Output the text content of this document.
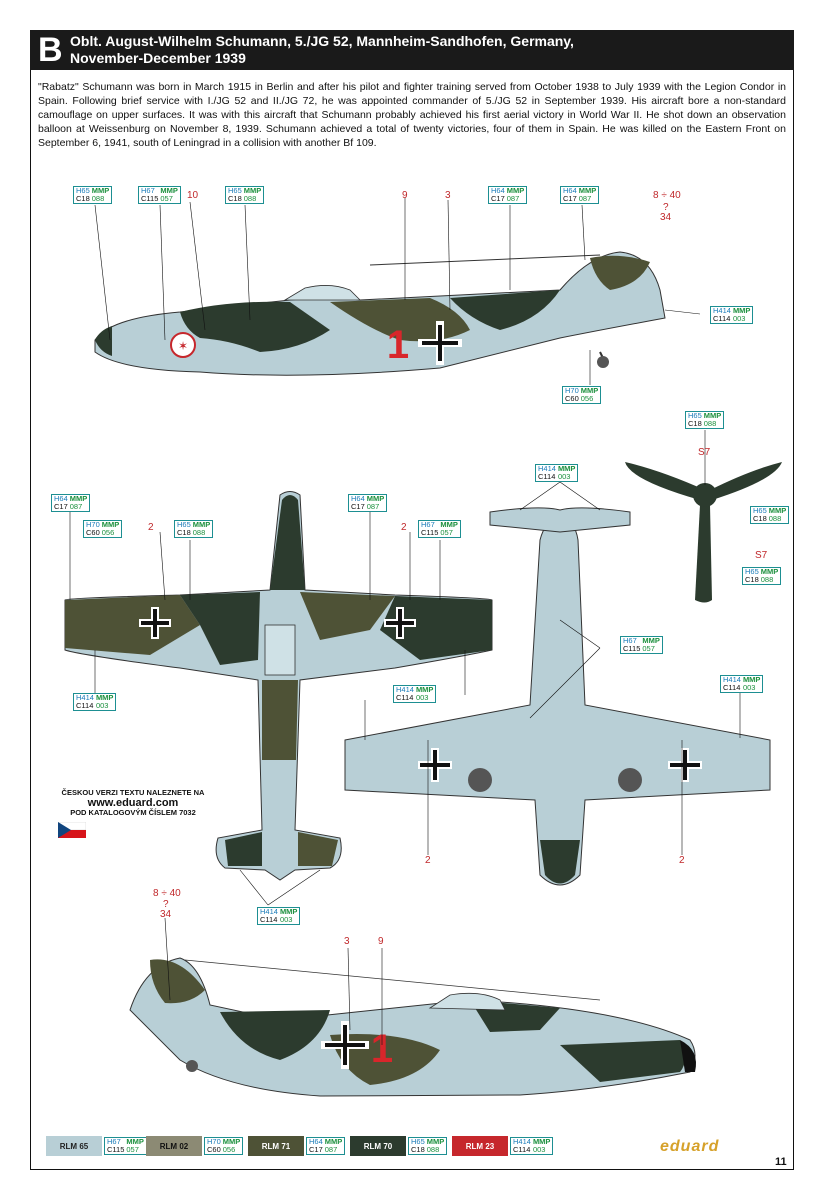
B Oblt. August-Wilhelm Schumann, 5./JG 52, Mannheim-Sandhofen, Germany,
November-December 1939
"Rabatz" Schumann was born in March 1915 in Berlin and after his pilot and fighter training served from October 1938 to July 1939 with the Legion Condor in Spain. Following brief service with I./JG 52 and II./JG 72, he was appointed commander of 5./JG 52 in September 1939. His aircraft bore a non-standard camouflage on upper surfaces. It was with this aircraft that Schumann probably achieved his first aerial victory in World War II. He shot down an observation balloon at Weissenburg on November 8, 1939. Schumann achieved a total of twenty victories, four of them in Spain. He was killed on the Eastern Front on September 6, 1941, south of Leningrad in a collision with another Bf 109.
✶	1
1
H65 MMP
C18 088
H67 MMP
C115 057
H65 MMP
C18 088
H64 MMP
C17 087
H64 MMP
C17 087
H414 MMP
C114 003
H70 MMP
C60 056
H65 MMP
C18 088
H414 MMP
C114 003
H64 MMP
C17 087
H64 MMP
C17 087
H70 MMP
C60 056
H65 MMP
C18 088
H67 MMP
C115 057
H65 MMP
C18 088
H65 MMP
C18 088
H67 MMP
C115 057
H414 MMP
C114 003
H414 MMP
C114 003
H414 MMP
C114 003
H414 MMP
C114 003
10	9	3	8 ÷ 40
?
34
S7
S7
2	2
2	2
8 ÷ 40
?
34
3	9
ČESKOU VERZI TEXTU NALEZNETE NA
www.eduard.com
POD KATALOGOVÝM ČÍSLEM 7032
RLM 65	H67 MMP
C115 057	RLM 02	H70 MMP
C60 056	RLM 71	H64 MMP
C17 087	RLM 70	H65 MMP
C18 088	RLM 23	H414 MMP
C114 003	eduard
11
